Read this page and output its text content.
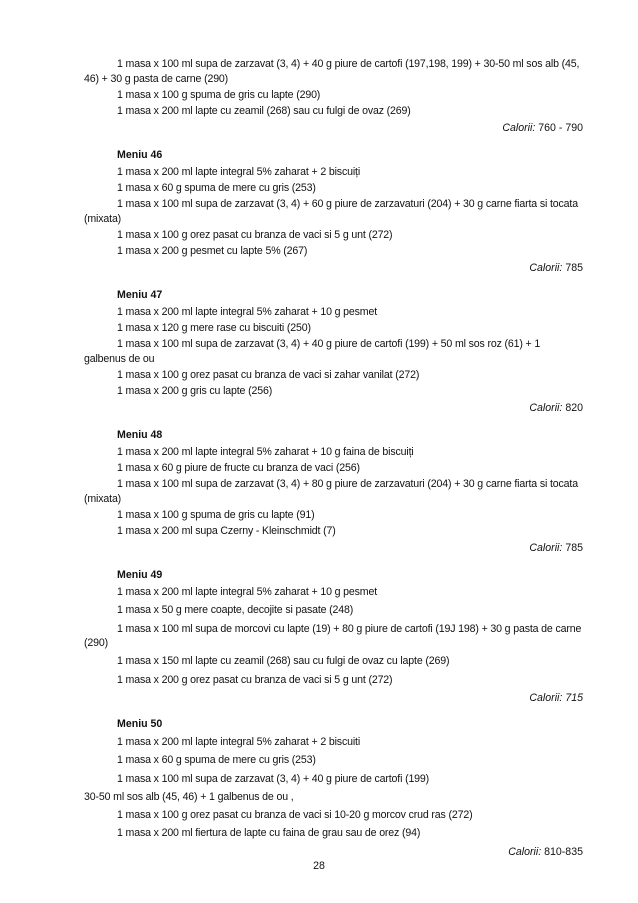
1 masa x 100 ml supa de zarzavat (3, 4) + 40 g piure de cartofi (197,198, 199) + 30-50 ml sos alb (45, 46) + 30 g pasta de carne (290)

1 masa x 100 g spuma de gris cu lapte (290)

1 masa x 200 ml lapte cu zeamil (268) sau cu fulgi de ovaz (269)

Calorii: 760 - 790

Meniu 46

1 masa x 200 ml lapte integral 5% zaharat + 2 biscuiți

1 masa x 60 g spuma de mere cu gris (253)

1 masa x 100 ml supa de zarzavat (3, 4) + 60 g piure de zarzavaturi (204) + 30 g carne fiarta si tocata (mixata)

1 masa x 100 g orez pasat cu branza de vaci si 5 g unt (272)

1 masa x 200 g pesmet cu lapte 5% (267)

Calorii: 785

Meniu 47

1 masa x 200 ml lapte integral 5% zaharat + 10 g pesmet

1 masa x 120 g mere rase cu biscuiti (250)

1 masa x 100 ml supa de zarzavat (3, 4) + 40 g piure de cartofi (199) + 50 ml sos roz (61) + 1 galbenus de ou

1 masa x 100 g orez pasat cu branza de vaci si zahar vanilat (272)

1 masa x 200 g gris cu lapte (256)

Calorii: 820

Meniu 48

1 masa x 200 ml lapte integral 5% zaharat + 10 g faina de biscuiți

1 masa x 60 g piure de fructe cu branza de vaci (256)

1 masa x 100 ml supa de zarzavat (3, 4) + 80 g piure de zarzavaturi (204) + 30 g carne fiarta si tocata (mixata)

1 masa x 100 g spuma de gris cu lapte (91)

1 masa x 200 ml supa Czerny - Kleinschmidt (7)

Calorii: 785

Meniu 49

1 masa x 200 ml lapte integral 5% zaharat + 10 g pesmet

1 masa x 50 g mere coapte, decojite si pasate (248)

1 masa x 100 ml supa de morcovi cu lapte (19) + 80 g piure de cartofi (19J 198) + 30 g pasta de carne (290)

1 masa x 150 ml lapte cu zeamil (268) sau cu fulgi de ovaz cu lapte (269)

1 masa x 200 g orez pasat cu branza de vaci si 5 g unt (272)

Calorii: 715

Meniu 50

1 masa x 200 ml lapte integral 5% zaharat + 2 biscuiti

1 masa x 60 g spuma de mere cu gris (253)

1 masa x 100 ml supa de zarzavat (3, 4) + 40 g piure de cartofi (199)

30-50 ml sos alb (45, 46) + 1 galbenus de ou ,

1 masa x 100 g orez pasat cu branza de vaci si 10-20 g morcov crud ras (272)

1 masa x 200 ml fiertura de lapte cu faina de grau sau de orez (94)

Calorii: 810-835
28
